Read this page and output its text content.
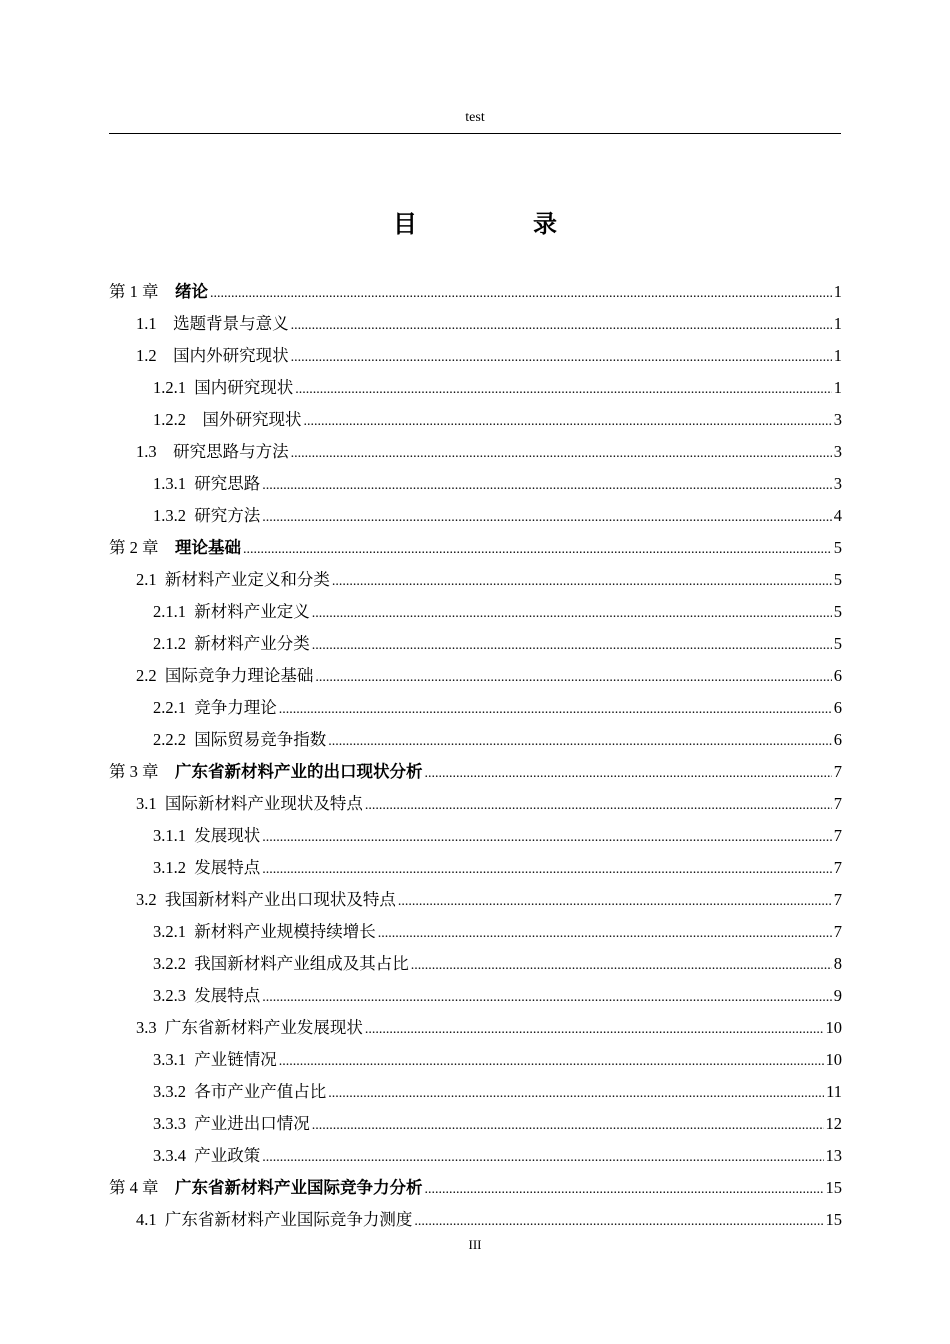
test
目　录
第 1 章   绪论 .....	1
1.1   选题背景与意义 .....	1
1.2   国内外研究现状 .....	1
1.2.1  国内研究现状 .....	1
1.2.2   国外研究现状 .....	3
1.3   研究思路与方法 .....	3
1.3.1  研究思路 .....	3
1.3.2  研究方法 .....	4
第 2 章   理论基础 .....	5
2.1  新材料产业定义和分类 .....	5
2.1.1  新材料产业定义 .....	5
2.1.2  新材料产业分类 .....	5
2.2  国际竞争力理论基础 .....	6
2.2.1  竞争力理论 .....	6
2.2.2  国际贸易竞争指数 .....	6
第 3 章   广东省新材料产业的出口现状分析 .....	7
3.1  国际新材料产业现状及特点 .....	7
3.1.1  发展现状 .....	7
3.1.2  发展特点 .....	7
3.2  我国新材料产业出口现状及特点 .....	7
3.2.1  新材料产业规模持续增长 .....	7
3.2.2  我国新材料产业组成及其占比 .....	8
3.2.3  发展特点 .....	9
3.3  广东省新材料产业发展现状 .....	10
3.3.1  产业链情况 .....	10
3.3.2  各市产业产值占比 .....	11
3.3.3  产业进出口情况 .....	12
3.3.4  产业政策 .....	13
第 4 章   广东省新材料产业国际竞争力分析 .....	15
4.1  广东省新材料产业国际竞争力测度 .....	15
III
